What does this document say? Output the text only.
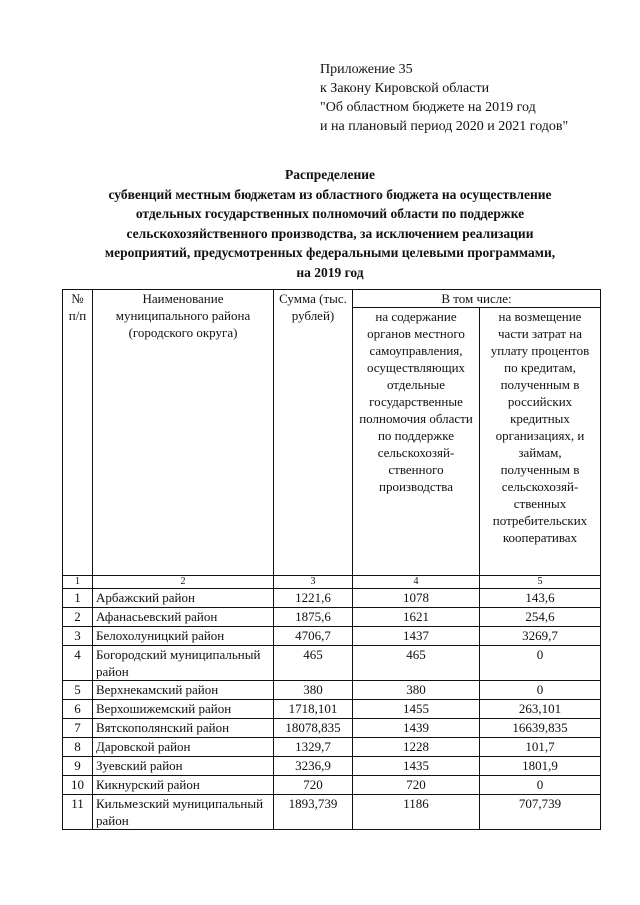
Приложение 35
к Закону Кировской области
"Об областном бюджете на 2019 год
и на плановый период 2020 и 2021 годов"
Распределение
субвенций местным бюджетам из областного бюджета на осуществление
отдельных государственных полномочий области по поддержке
сельскохозяйственного производства, за исключением реализации
мероприятий, предусмотренных федеральными целевыми программами,
на 2019 год
№ п/п	Наименование муниципального района (городского округа)	Сумма (тыс. рублей)	В том числе:	
			на содержание органов местного самоуправления, осуществляющих отдельные государственные полномочия области по поддержке сельскохозяй-ственного производства	на возмещение части затрат на уплату процентов по кредитам, полученным в российских кредитных организациях, и займам, полученным в сельскохозяй-ственных потребительских кооперативах
1	2	3	4	5
1	Арбажский район	1221,6	1078	143,6
2	Афанасьевский район	1875,6	1621	254,6
3	Белохолуницкий район	4706,7	1437	3269,7
4	Богородский муниципальный район	465	465	0
5	Верхнекамский район	380	380	0
6	Верхошижемский район	1718,101	1455	263,101
7	Вятскополянский район	18078,835	1439	16639,835
8	Даровской район	1329,7	1228	101,7
9	Зуевский район	3236,9	1435	1801,9
10	Кикнурский район	720	720	0
11	Кильмезский муниципальный район	1893,739	1186	707,739
